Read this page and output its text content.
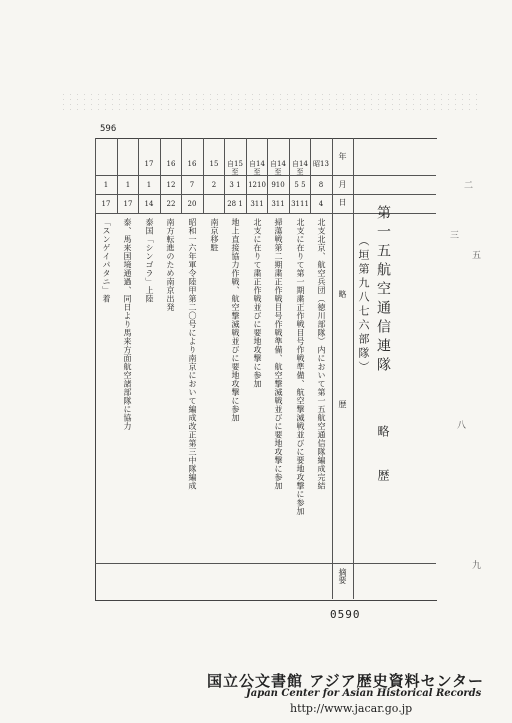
596
年
月
日
略
歴
摘要
第一五航空通信連隊
（垣第九八七六部隊）
略　歴
昭13
8
4
北支北京、航空兵団（徳川部隊）内において第一五航空通信隊編成完結
自14 至
5 5
3111
北支に在りて第一期粛正作戦目号作戦準備、航空撃滅戦並びに要地攻撃に参加
自14 至
910
311
掃蕩戦第二期粛正作戦目号作戦準備、航空撃滅戦並びに要地攻撃に参加
自14 至
1210
311
北支に在りて粛正作戦並びに要地攻撃に参加
自15 至
3 1
28 1
地上直接協力作戦、航空撃滅戦並びに要地攻撃に参加
15
2
南京移駐
16
7
20
昭和一六年軍令陸甲第二〇号により南京において編成改正第三中隊編成
16
12
22
南方転進のため南京出発
17
1
14
泰国「シンゴラ」上陸
1
17
泰、馬来国境通過、同日より馬来方面航空諸部隊に協力
1
17
「スンゲイパタニ」着
0590
二
三
五
八
九
国立公文書館 アジア歴史資料センター
Japan Center for Asian Historical Records
http://www.jacar.go.jp
